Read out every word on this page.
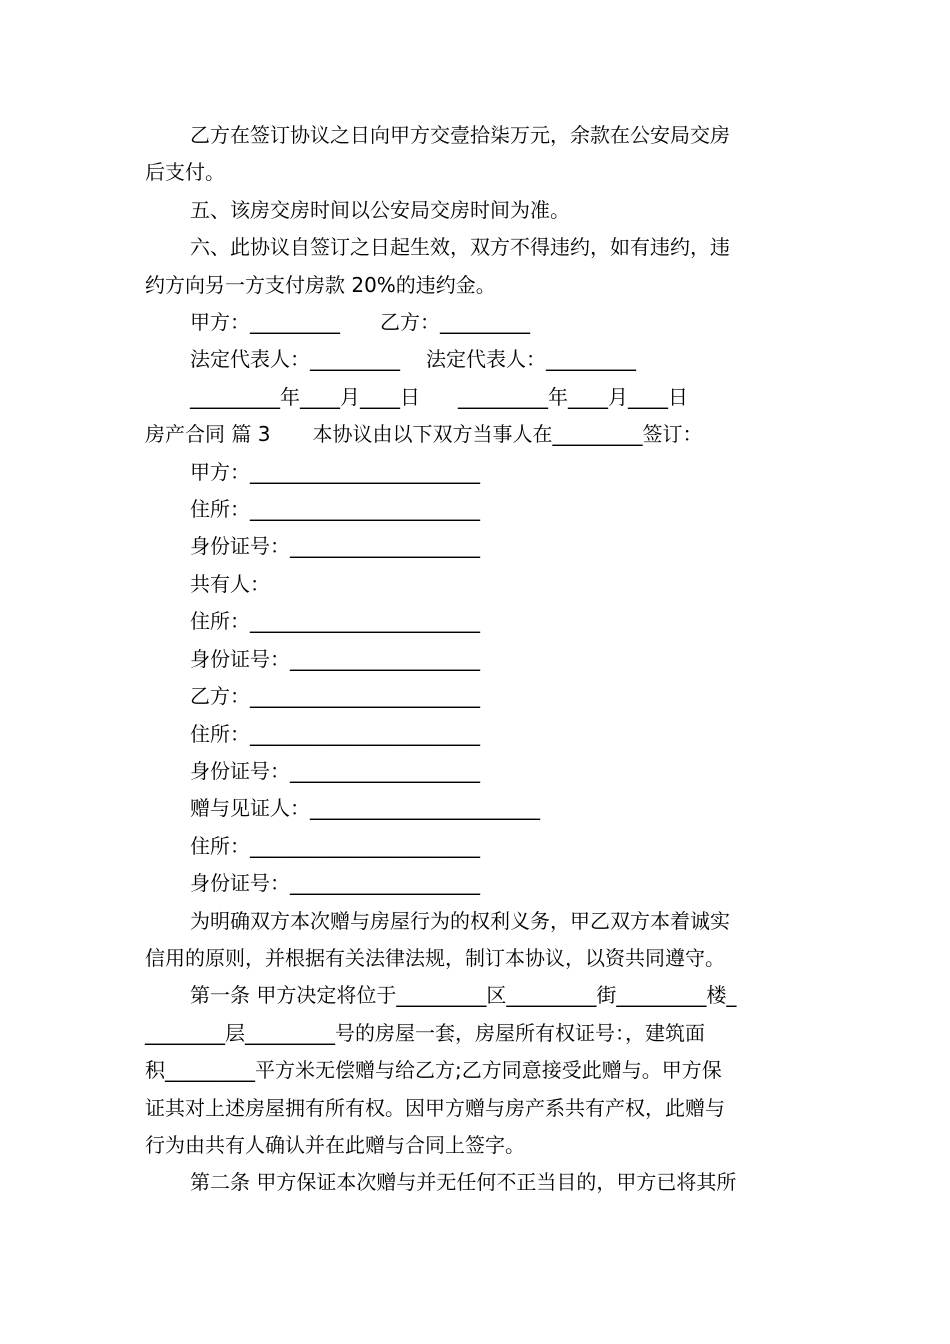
乙方在签订协议之日向甲方交壹拾柒万元，余款在公安局交房

后支付。

五、该房交房时间以公安局交房时间为准。

六、此协议自签订之日起生效，双方不得违约，如有违约，违

约方向另一方支付房款 20%的违约金。

甲方：_________ 乙方：_________

法定代表人：_________ 法定代表人：_________

_________年____月____日 _________年____月____日

房产合同 篇 3 本协议由以下双方当事人在_________签订：

甲方：_______________________

住所：_______________________

身份证号：___________________

共有人：

住所：_______________________

身份证号：___________________

乙方：_______________________

住所：_______________________

身份证号：___________________

赠与见证人：_______________________

住所：_______________________

身份证号：___________________

为明确双方本次赠与房屋行为的权利义务，甲乙双方本着诚实

信用的原则，并根据有关法律法规，制订本协议，以资共同遵守。

第一条 甲方决定将位于_________区_________街_________楼_

________层_________号的房屋一套，房屋所有权证号：，建筑面

积_________平方米无偿赠与给乙方;乙方同意接受此赠与。甲方保

证其对上述房屋拥有所有权。因甲方赠与房产系共有产权，此赠与

行为由共有人确认并在此赠与合同上签字。

第二条 甲方保证本次赠与并无任何不正当目的，甲方已将其所
